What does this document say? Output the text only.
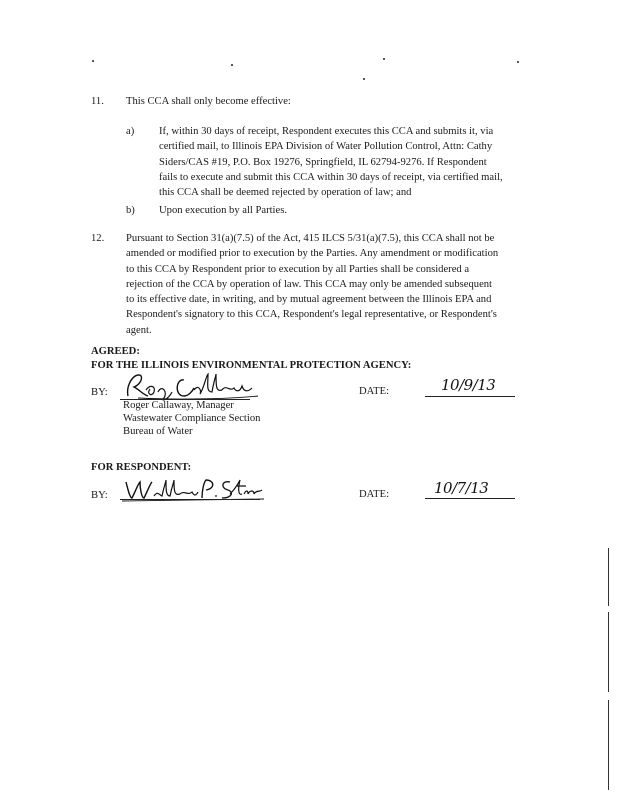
11. This CCA shall only become effective:
a) If, within 30 days of receipt, Respondent executes this CCA and submits it, via
certified mail, to Illinois EPA Division of Water Pollution Control, Attn: Cathy
Siders/CAS #19, P.O. Box 19276, Springfield, IL 62794-9276. If Respondent
fails to execute and submit this CCA within 30 days of receipt, via certified mail,
this CCA shall be deemed rejected by operation of law; and
b) Upon execution by all Parties.
12. Pursuant to Section 31(a)(7.5) of the Act, 415 ILCS 5/31(a)(7.5), this CCA shall not be
amended or modified prior to execution by the Parties. Any amendment or modification
to this CCA by Respondent prior to execution by all Parties shall be considered a
rejection of the CCA by operation of law. This CCA may only be amended subsequent
to its effective date, in writing, and by mutual agreement between the Illinois EPA and
Respondent's signatory to this CCA, Respondent's legal representative, or Respondent's
agent.
AGREED:
FOR THE ILLINOIS ENVIRONMENTAL PROTECTION AGENCY:
BY:
Roger Callaway, Manager
Wastewater Compliance Section
Bureau of Water
DATE:	10/9/13
FOR RESPONDENT:
BY:	DATE:	10/7/13
